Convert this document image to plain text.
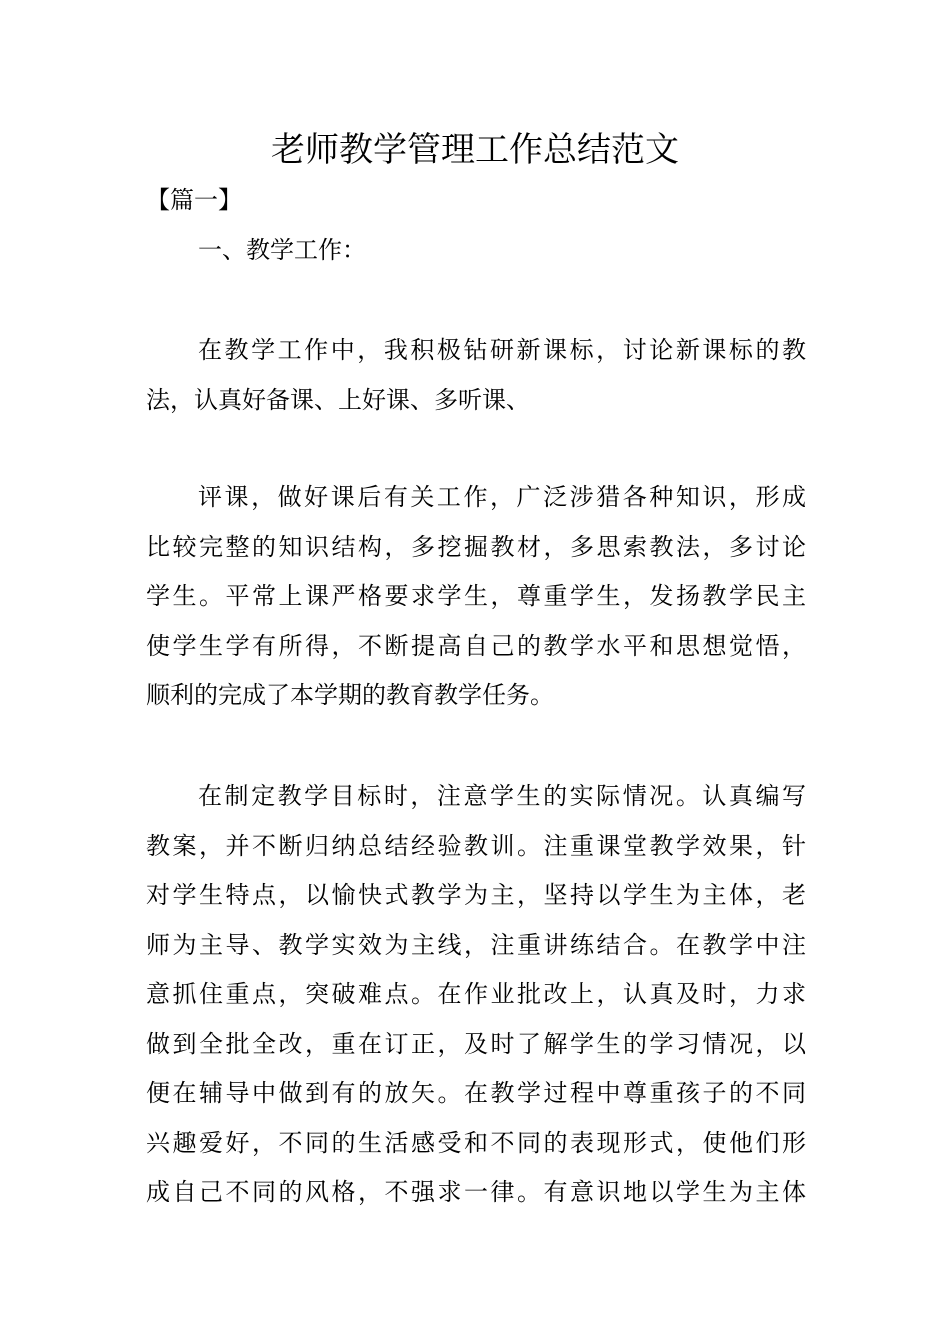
老师教学管理工作总结范文

【篇一】

一、教学工作：

在教学工作中，我积极钻研新课标，讨论新课标的教
法，认真好备课、上好课、多听课、
评课，做好课后有关工作，广泛涉猎各种知识，形成
比较完整的知识结构，多挖掘教材，多思索教法，多讨论
学生。平常上课严格要求学生，尊重学生，发扬教学民主
使学生学有所得，不断提高自己的教学水平和思想觉悟，
顺利的完成了本学期的教育教学任务。
在制定教学目标时，注意学生的实际情况。认真编写
教案，并不断归纳总结经验教训。注重课堂教学效果，针
对学生特点，以愉快式教学为主，坚持以学生为主体，老
师为主导、教学实效为主线，注重讲练结合。在教学中注
意抓住重点，突破难点。在作业批改上，认真及时，力求
做到全批全改，重在订正，及时了解学生的学习情况，以
便在辅导中做到有的放矢。在教学过程中尊重孩子的不同
兴趣爱好，不同的生活感受和不同的表现形式，使他们形
成自己不同的风格，不强求一律。有意识地以学生为主体
